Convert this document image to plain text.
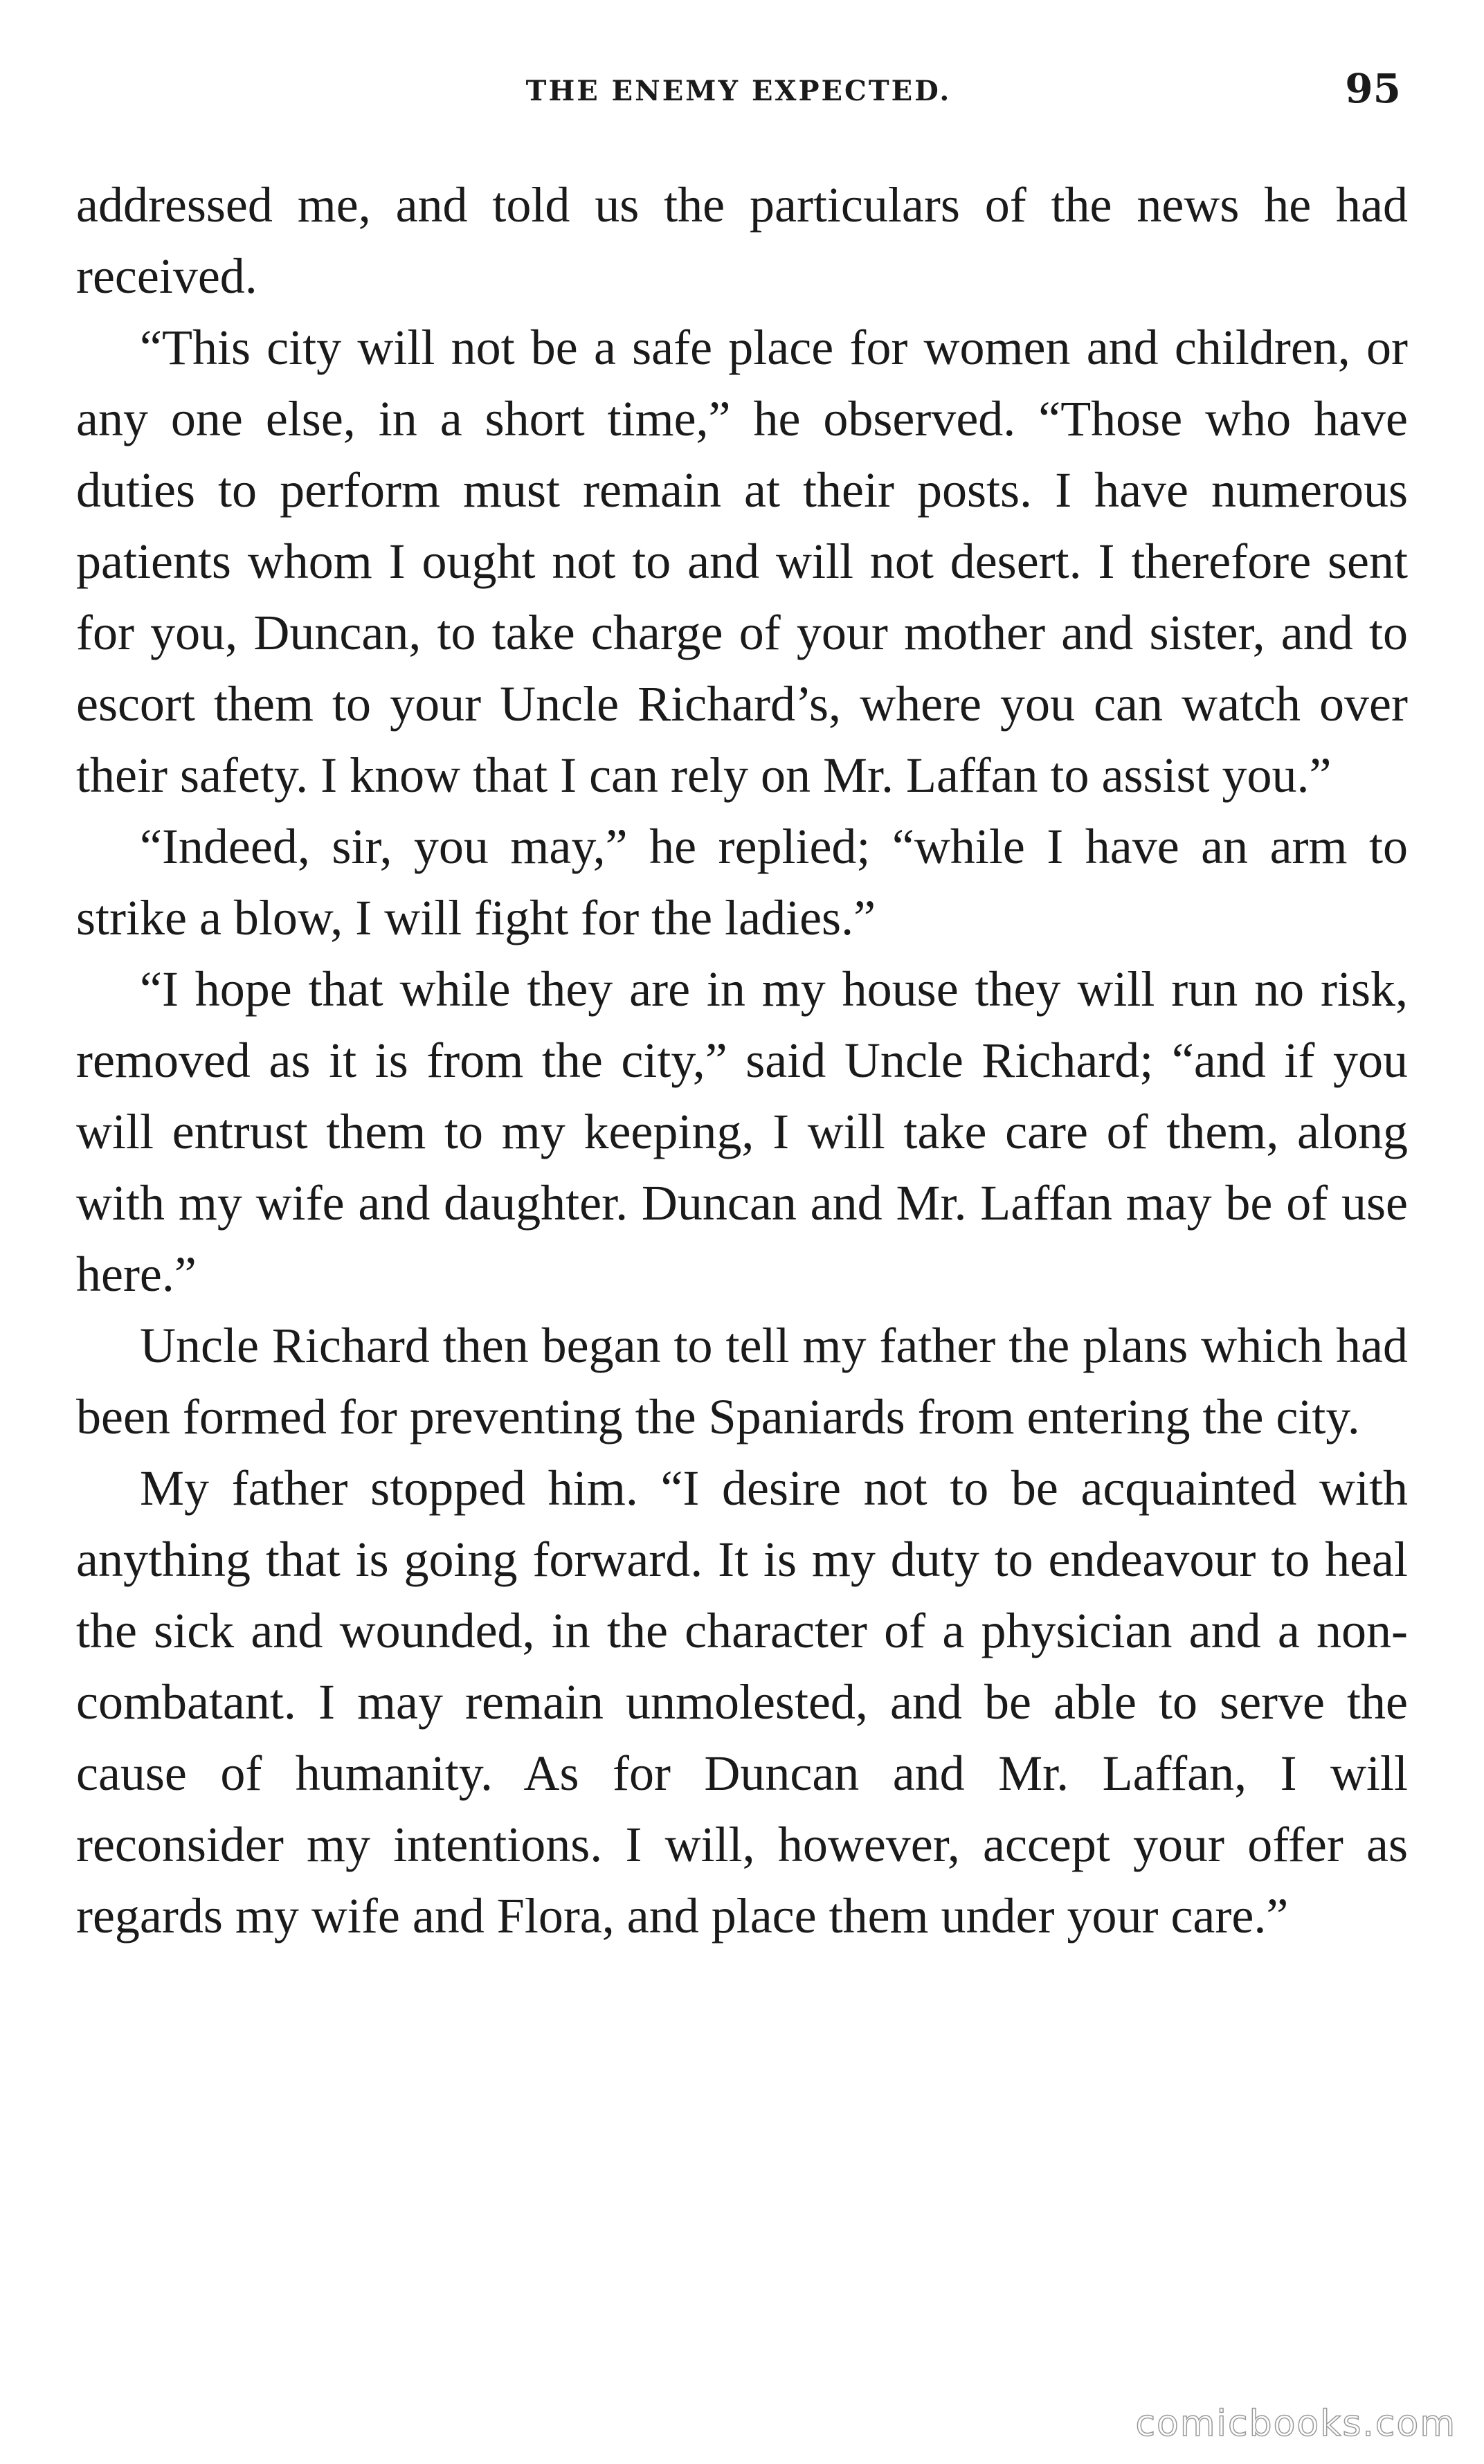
THE ENEMY EXPECTED.	95

addressed me, and told us the particulars of the news he had received.

“This city will not be a safe place for women and children, or any one else, in a short time,” he observed. “Those who have duties to perform must remain at their posts. I have numerous patients whom I ought not to and will not desert. I therefore sent for you, Duncan, to take charge of your mother and sister, and to escort them to your Uncle Richard’s, where you can watch over their safety. I know that I can rely on Mr. Laffan to assist you.”

“Indeed, sir, you may,” he replied; “while I have an arm to strike a blow, I will fight for the ladies.”

“I hope that while they are in my house they will run no risk, removed as it is from the city,” said Uncle Richard; “and if you will entrust them to my keeping, I will take care of them, along with my wife and daughter. Duncan and Mr. Laffan may be of use here.”

Uncle Richard then began to tell my father the plans which had been formed for preventing the Spaniards from entering the city.

My father stopped him. “I desire not to be acquainted with anything that is going forward. It is my duty to endeavour to heal the sick and wounded, in the character of a physician and a non-combatant. I may remain unmolested, and be able to serve the cause of humanity. As for Duncan and Mr. Laffan, I will reconsider my intentions. I will, however, accept your offer as regards my wife and Flora, and place them under your care.”

comicbooks.com
